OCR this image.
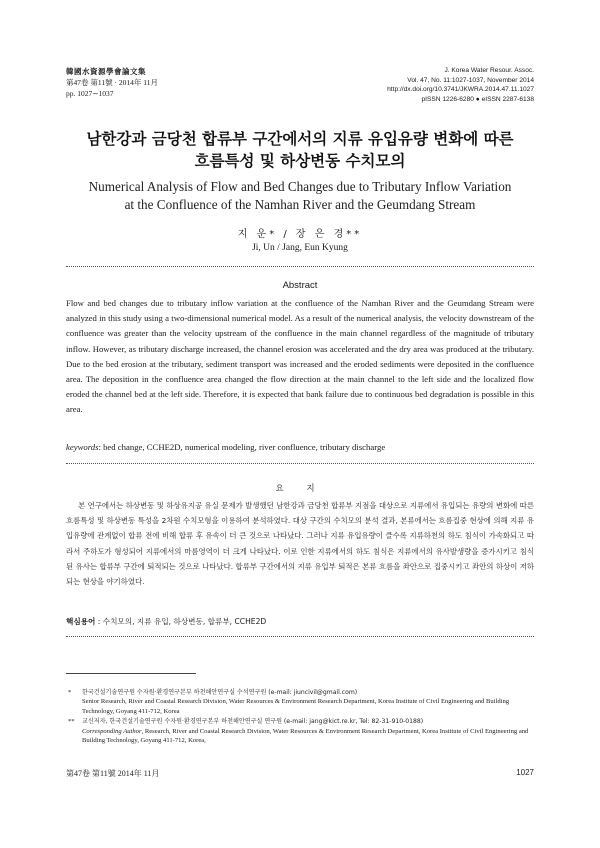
韓國水資源學會論文集
第47卷 第11號 · 2014年 11月
pp. 1027∼1037
J. Korea Water Resour. Assoc.
Vol. 47, No. 11:1027-1037, November 2014
http://dx.doi.org/10.3741/JKWRA.2014.47.11.1027
pISSN 1226-6280 ● eISSN 2287-6138
남한강과 금당천 합류부 구간에서의 지류 유입유량 변화에 따른
흐름특성 및 하상변동 수치모의
Numerical Analysis of Flow and Bed Changes due to Tributary Inflow Variation
at the Confluence of the Namhan River and the Geumdang Stream
지 운* / 장 은 경**
Ji, Un / Jang, Eun Kyung
Abstract
Flow and bed changes due to tributary inflow variation at the confluence of the Namhan River and the Geumdang Stream were analyzed in this study using a two-dimensional numerical model. As a result of the numerical analysis, the velocity downstream of the confluence was greater than the velocity upstream of the confluence in the main channel regardless of the magnitude of tributary inflow. However, as tributary discharge increased, the channel erosion was accelerated and the dry area was produced at the tributary. Due to the bed erosion at the tributary, sediment transport was increased and the eroded sediments were deposited in the confluence area. The deposition in the confluence area changed the flow direction at the main channel to the left side and the localized flow eroded the channel bed at the left side. Therefore, it is expected that bank failure due to continuous bed degradation is possible in this area.
keywords: bed change, CCHE2D, numerical modeling, river confluence, tributary discharge
요 지

본 연구에서는 하상변동 및 하상유지공 유실 문제가 발생했던 남한강과 금당천 합류부 지점을 대상으로 지류에서 유입되는 유량의 변화에 따른 흐름특성 및 하상변동 특성을 2차원 수치모형을 이용하여 분석하였다. 대상 구간의 수치모의 분석 결과, 본류에서는 흐름집중 현상에 의해 지류 유입유량에 관계없이 합류 전에 비해 합류 후 유속이 더 큰 것으로 나타났다. 그러나 지류 유입유량이 클수록 지류하천의 하도 침식이 가속화되고 따라서 주하도가 형성되어 지류에서의 마름영역이 더 크게 나타났다. 이로 인한 지류에서의 하도 침식은 지류에서의 유사발생량을 증가시키고 침식된 유사는 합류부 구간에 퇴적되는 것으로 나타났다. 합류부 구간에서의 지류 유입부 퇴적은 본류 흐름을 좌안으로 집중시키고 좌안의 하상이 저하되는 현상을 야기하였다.

핵심용어 : 수치모의, 지류 유입, 하상변동, 합류부, CCHE2D
* 한국건설기술연구원 수자원·환경연구본부 하천해안연구실 수석연구원 (e-mail: jiuncivil@gmail.com)
Senior Research, River and Coastal Research Division, Water Resources & Environment Research Department, Korea Institute of Civil Engineering and Building Technology, Goyang 411-712, Korea
** 교신저자, 한국건설기술연구원 수자원·환경연구본부 하천해안연구실 연구원 (e-mail: jang@kict.re.kr, Tel: 82-31-910-0188)
Corresponding Author, Research, River and Coastal Research Division, Water Resources & Environment Research Department, Korea Institute of Civil Engineering and Building Technology, Goyang 411-712, Korea,
第47卷 第11號 2014年 11月	1027
